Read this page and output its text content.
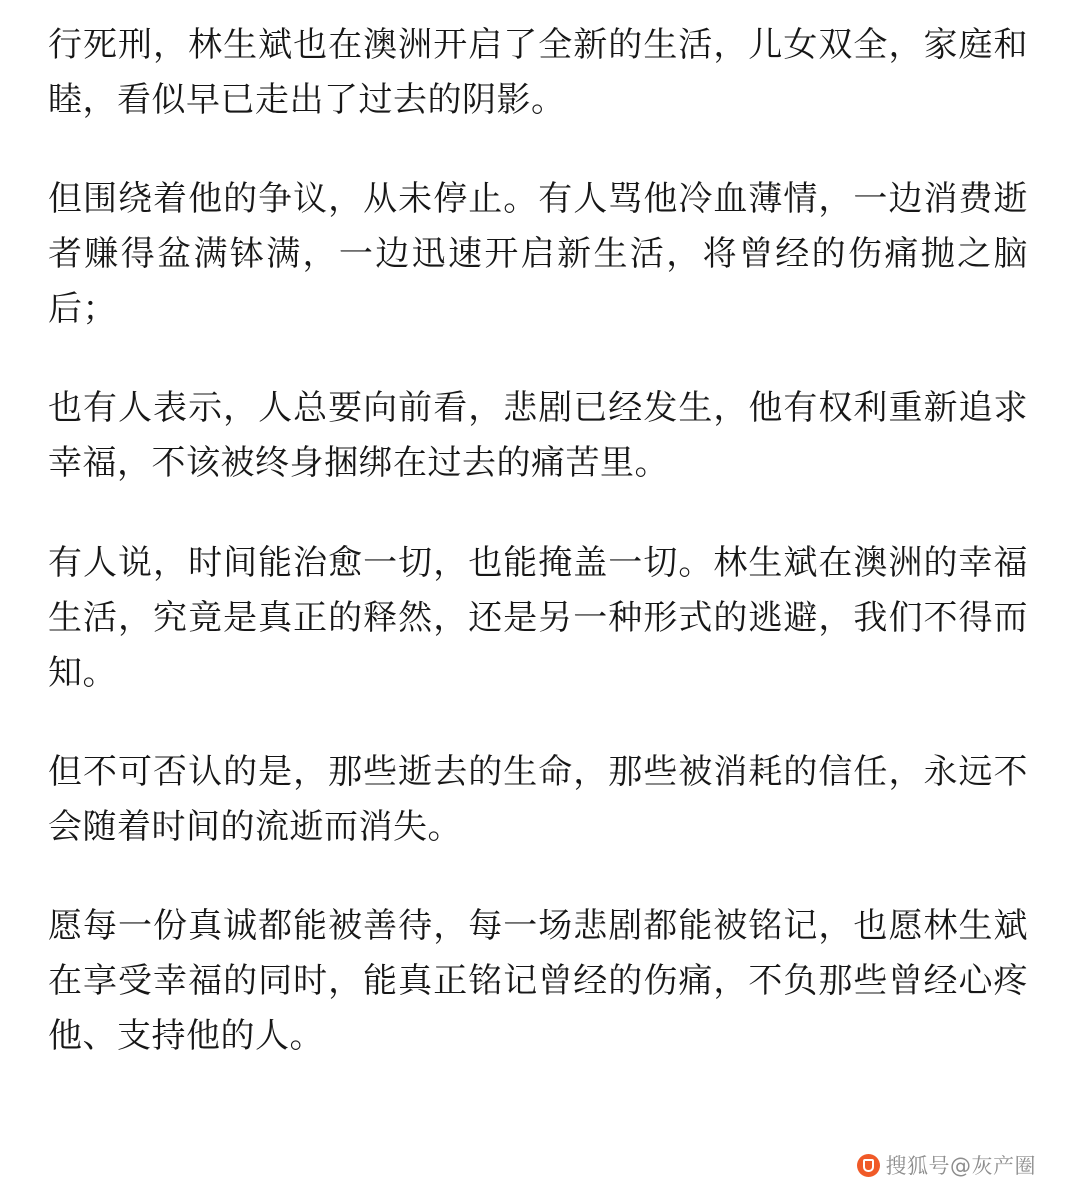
行死刑，林生斌也在澳洲开启了全新的生活，儿女双全，家庭和睦，看似早已走出了过去的阴影。

但围绕着他的争议，从未停止。有人骂他冷血薄情，一边消费逝者赚得盆满钵满，一边迅速开启新生活，将曾经的伤痛抛之脑后；

也有人表示，人总要向前看，悲剧已经发生，他有权利重新追求幸福，不该被终身捆绑在过去的痛苦里。

有人说，时间能治愈一切，也能掩盖一切。林生斌在澳洲的幸福生活，究竟是真正的释然，还是另一种形式的逃避，我们不得而知。

但不可否认的是，那些逝去的生命，那些被消耗的信任，永远不会随着时间的流逝而消失。

愿每一份真诚都能被善待，每一场悲剧都能被铭记，也愿林生斌在享受幸福的同时，能真正铭记曾经的伤痛，不负那些曾经心疼他、支持他的人。

搜狐号@灰产圈
